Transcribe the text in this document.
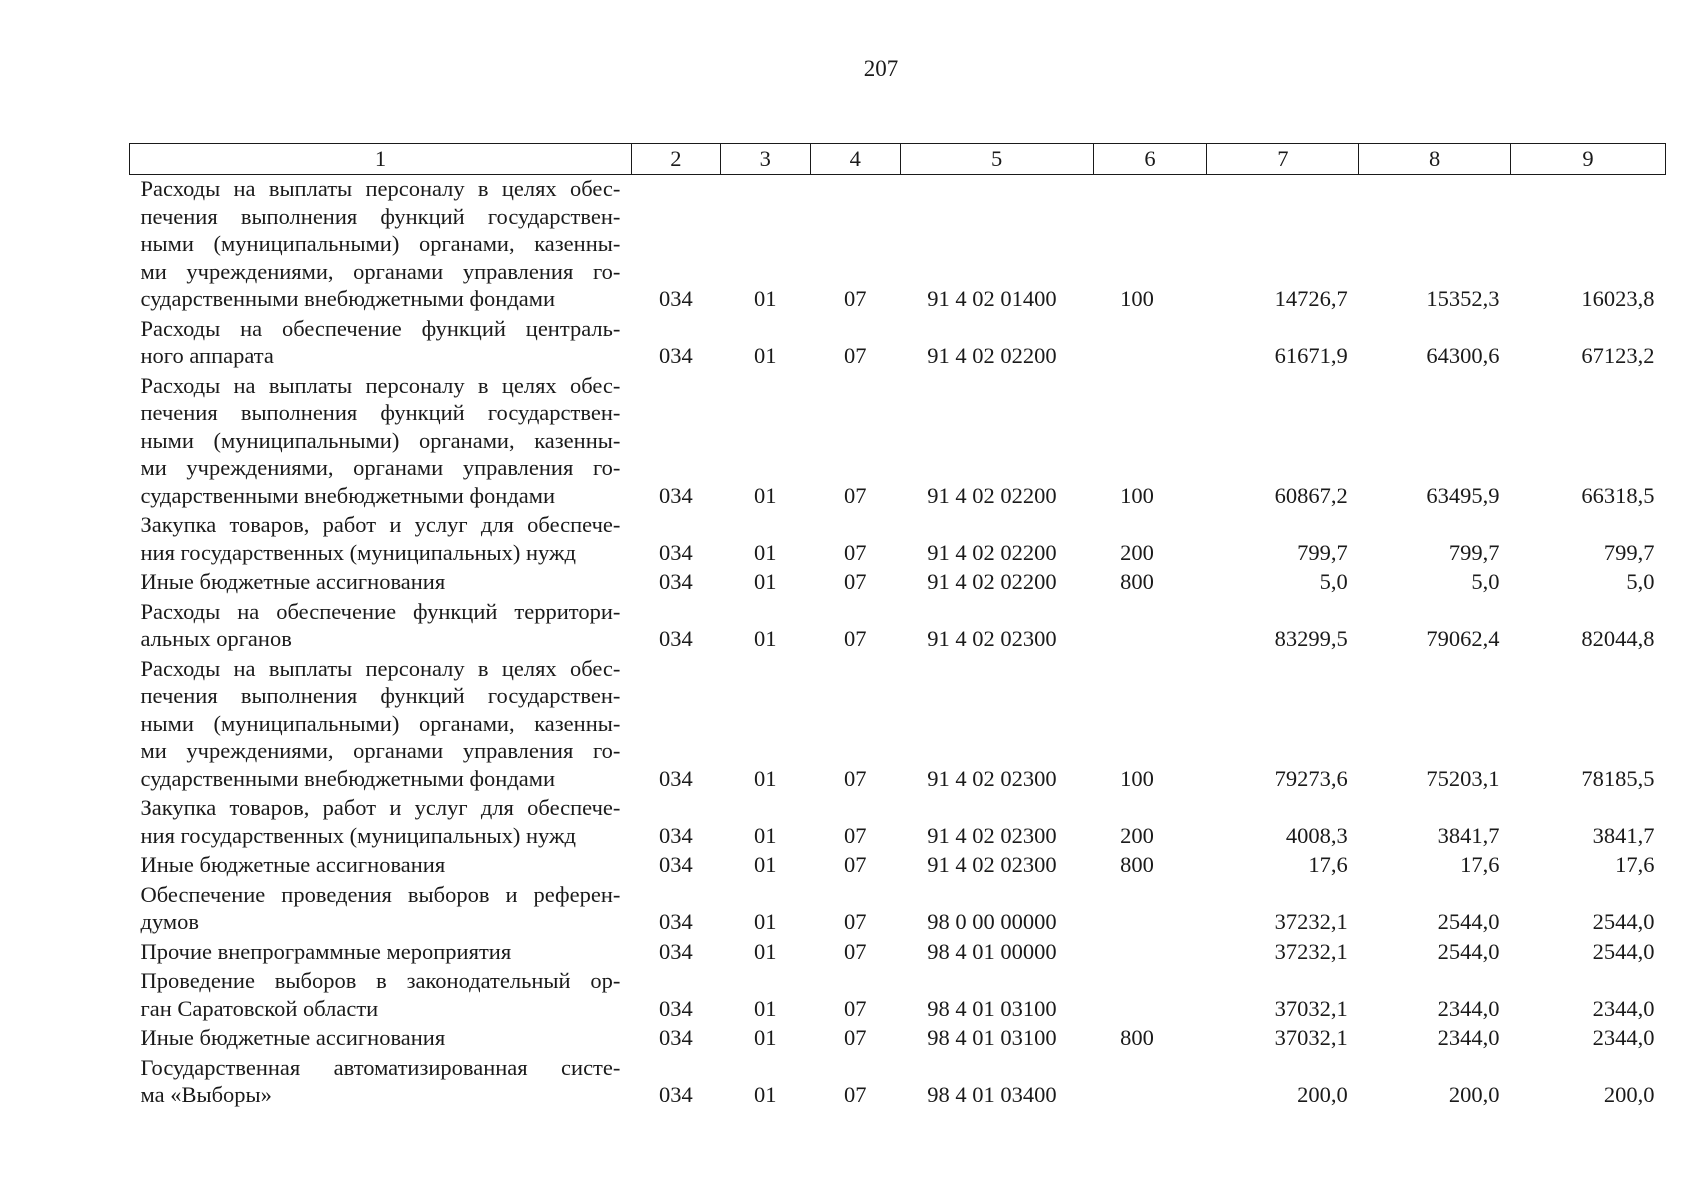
207
1	2	3	4	5	6	7	8	9

Расходы на выплаты персоналу в целях обес-
печения выполнения функций государствен-
ными (муниципальными) органами, казенны-
ми учреждениями, органами управления го-
сударственными внебюджетными фондами	034	01	07	91 4 02 01400	100	14726,7	15352,3	16023,8

Расходы на обеспечение функций централь-
ного аппарата	034	01	07	91 4 02 02200		61671,9	64300,6	67123,2

Расходы на выплаты персоналу в целях обес-
печения выполнения функций государствен-
ными (муниципальными) органами, казенны-
ми учреждениями, органами управления го-
сударственными внебюджетными фондами	034	01	07	91 4 02 02200	100	60867,2	63495,9	66318,5

Закупка товаров, работ и услуг для обеспече-
ния государственных (муниципальных) нужд	034	01	07	91 4 02 02200	200	799,7	799,7	799,7

Иные бюджетные ассигнования	034	01	07	91 4 02 02200	800	5,0	5,0	5,0

Расходы на обеспечение функций территори-
альных органов	034	01	07	91 4 02 02300		83299,5	79062,4	82044,8

Расходы на выплаты персоналу в целях обес-
печения выполнения функций государствен-
ными (муниципальными) органами, казенны-
ми учреждениями, органами управления го-
сударственными внебюджетными фондами	034	01	07	91 4 02 02300	100	79273,6	75203,1	78185,5

Закупка товаров, работ и услуг для обеспече-
ния государственных (муниципальных) нужд	034	01	07	91 4 02 02300	200	4008,3	3841,7	3841,7

Иные бюджетные ассигнования	034	01	07	91 4 02 02300	800	17,6	17,6	17,6

Обеспечение проведения выборов и референ-
думов	034	01	07	98 0 00 00000		37232,1	2544,0	2544,0

Прочие внепрограммные мероприятия	034	01	07	98 4 01 00000		37232,1	2544,0	2544,0

Проведение выборов в законодательный ор-
ган Саратовской области	034	01	07	98 4 01 03100		37032,1	2344,0	2344,0

Иные бюджетные ассигнования	034	01	07	98 4 01 03100	800	37032,1	2344,0	2344,0

Государственная автоматизированная систе-
ма «Выборы»	034	01	07	98 4 01 03400		200,0	200,0	200,0
